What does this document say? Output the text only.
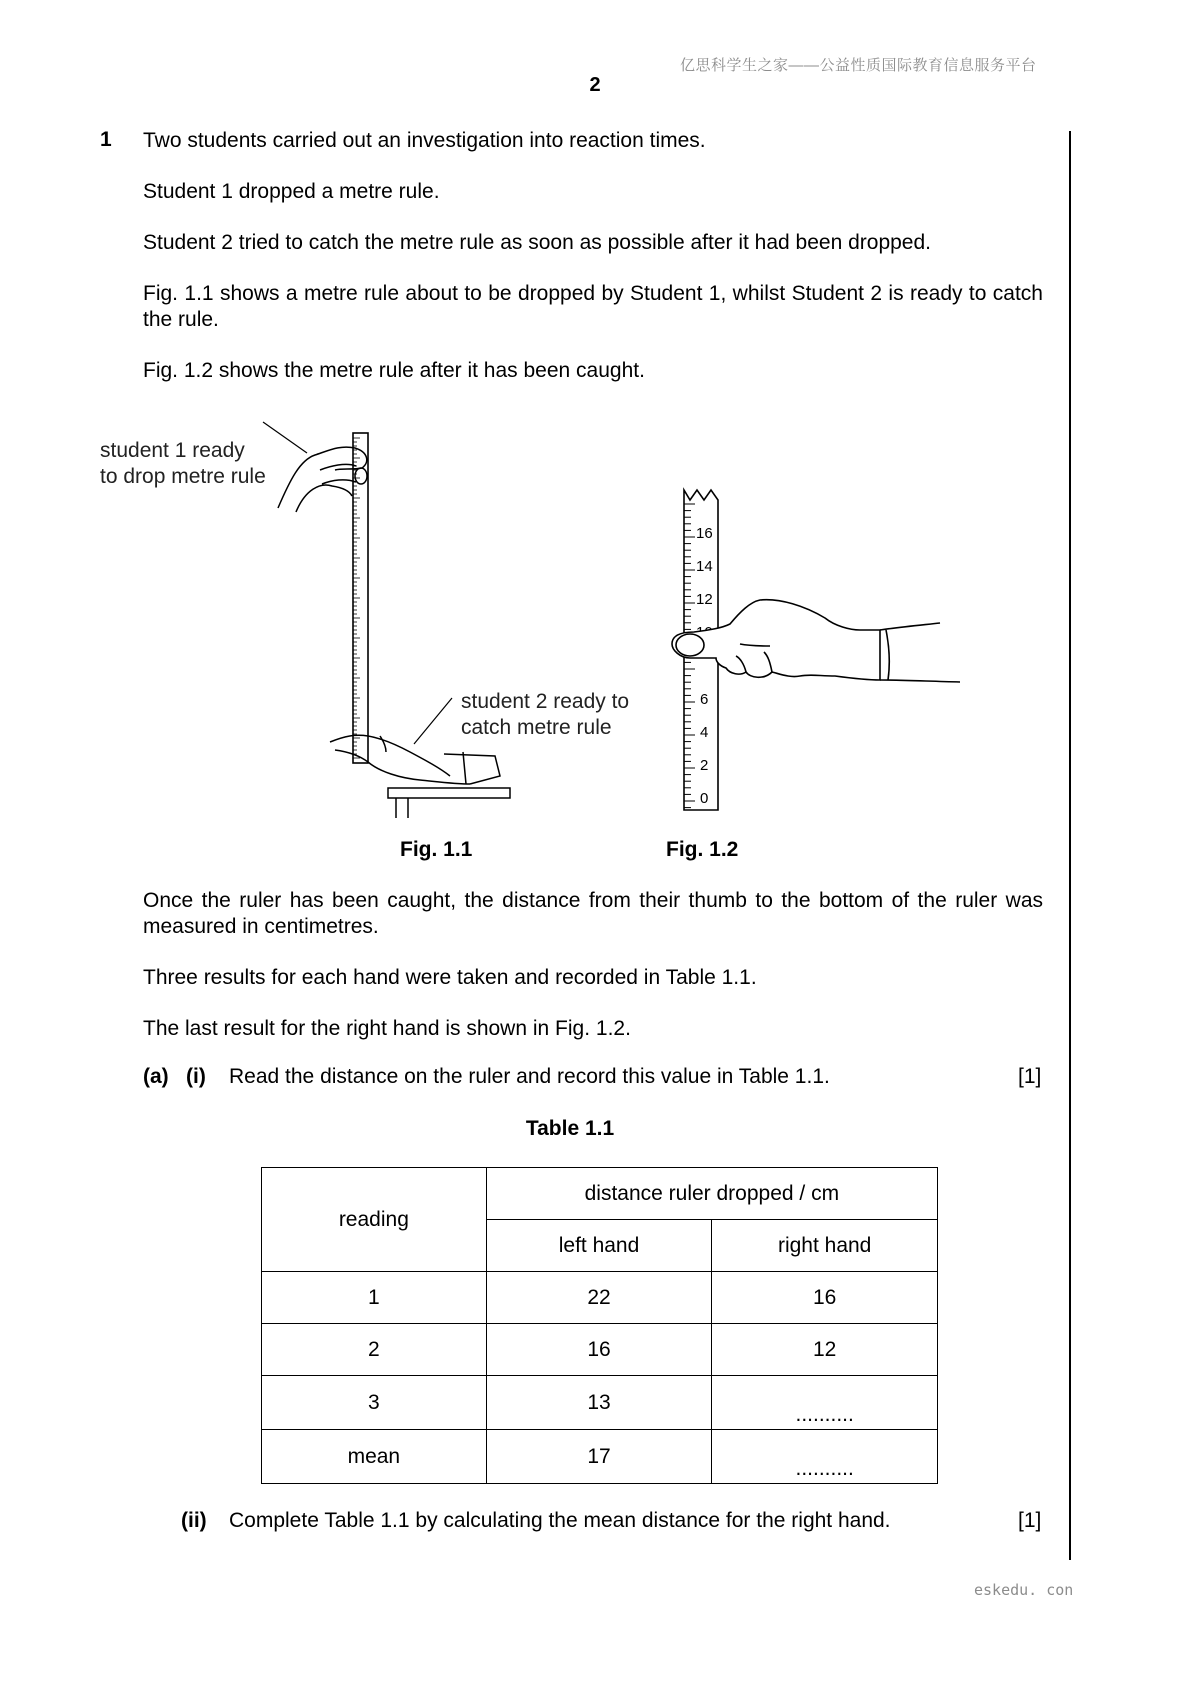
亿思科学生之家——公益性质国际教育信息服务平台
2
1 Two students carried out an investigation into reaction times.
Student 1 dropped a metre rule.
Student 2 tried to catch the metre rule as soon as possible after it had been dropped.
Fig. 1.1 shows a metre rule about to be dropped by Student 1, whilst Student 2 is ready to catch the rule.
Fig. 1.2 shows the metre rule after it has been caught.
student 1 ready
to drop metre rule
student 2 ready to
catch metre rule
Fig. 1.1
16
14
12
6
4
2
0
Fig. 1.2
Once the ruler has been caught, the distance from their thumb to the bottom of the ruler was measured in centimetres.
Three results for each hand were taken and recorded in Table 1.1.
The last result for the right hand is shown in Fig. 1.2.
(a) (i) Read the distance on the ruler and record this value in Table 1.1.	[1]
Table 1.1
reading	distance ruler dropped / cm	
	left hand	right hand
1	22	16
2	16	12
3	13	..........
mean	17	..........
(ii) Complete Table 1.1 by calculating the mean distance for the right hand.	[1]
eskedu. con
